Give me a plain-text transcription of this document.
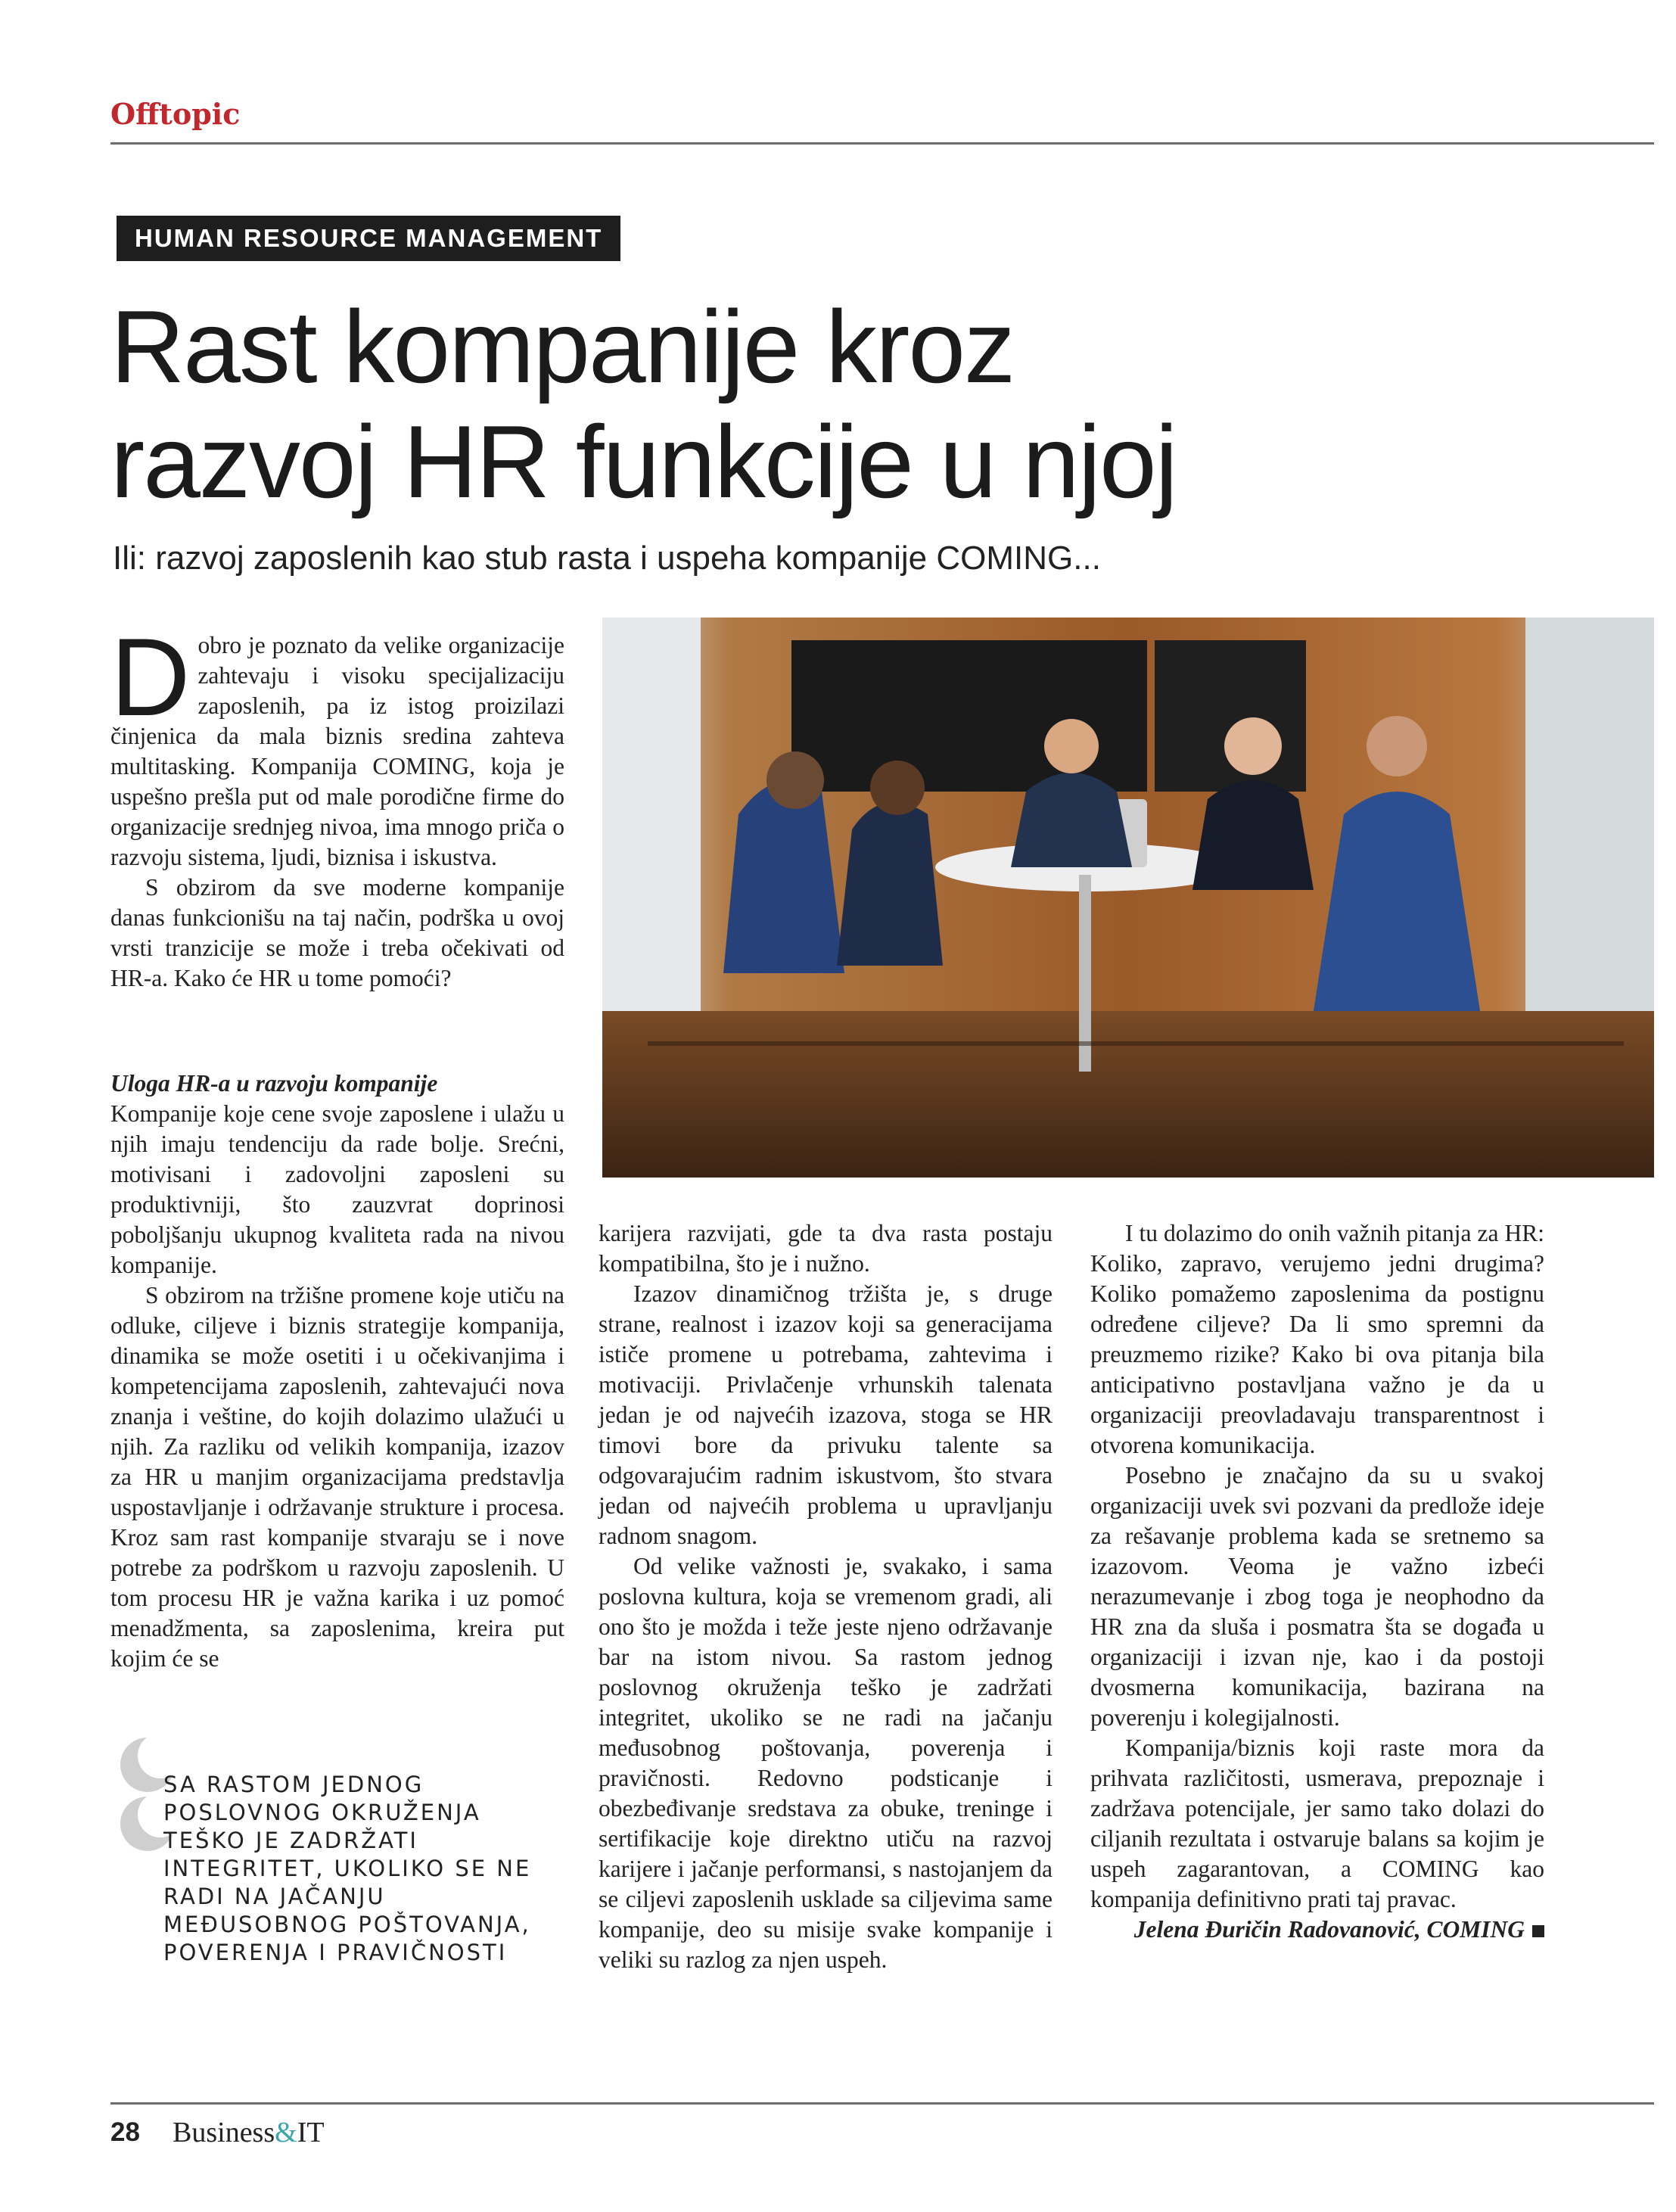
Offtopic
HUMAN RESOURCE MANAGEMENT
Rast kompanije kroz
razvoj HR funkcije u njoj
Ili: razvoj zaposlenih kao stub rasta i uspeha kompanije COMING...

Dobro je poznato da velike organizacije zahtevaju i visoku specijalizaciju zaposlenih, pa iz istog proizilazi činjenica da mala biznis sredina zahteva multitasking. Kompanija COMING, koja je uspešno prešla put od male porodične firme do organizacije srednjeg nivoa, ima mnogo priča o razvoju sistema, ljudi, biznisa i iskustva.

S obzirom da sve moderne kompanije danas funkcionišu na taj način, podrška u ovoj vrsti tranzicije se može i treba očekivati od HR-a. Kako će HR u tome pomoći?

Uloga HR-a u razvoju kompanije

Kompanije koje cene svoje zaposlene i ulažu u njih imaju tendenciju da rade bolje. Srećni, motivisani i zadovoljni zaposleni su produktivniji, što zauzvrat doprinosi poboljšanju ukupnog kvaliteta rada na nivou kompanije.

S obzirom na tržišne promene koje utiču na odluke, ciljeve i biznis strategije kompanija, dinamika se može osetiti i u očekivanjima i kompetencijama zaposlenih, zahtevajući nova znanja i veštine, do kojih dolazimo ulažući u njih. Za razliku od velikih kompanija, izazov za HR u manjim organizacijama predstavlja uspostavljanje i održavanje strukture i procesa. Kroz sam rast kompanije stvaraju se i nove potrebe za podrškom u razvoju zaposlenih. U tom procesu HR je važna karika i uz pomoć menadžmenta, sa zaposlenima, kreira put kojim će se

karijera razvijati, gde ta dva rasta postaju kompatibilna, što je i nužno.

Izazov dinamičnog tržišta je, s druge strane, realnost i izazov koji sa generacijama ističe promene u potrebama, zahtevima i motivaciji. Privlačenje vrhunskih talenata jedan je od najvećih izazova, stoga se HR timovi bore da privuku talente sa odgovarajućim radnim iskustvom, što stvara jedan od najvećih problema u upravljanju radnom snagom.

Od velike važnosti je, svakako, i sama poslovna kultura, koja se vremenom gradi, ali ono što je možda i teže jeste njeno održavanje bar na istom nivou. Sa rastom jednog poslovnog okruženja teško je zadržati integritet, ukoliko se ne radi na jačanju međusobnog poštovanja, poverenja i pravičnosti. Redovno podsticanje i obezbeđivanje sredstava za obuke, treninge i sertifikacije koje direktno utiču na razvoj karijere i jačanje performansi, s nastojanjem da se ciljevi zaposlenih usklade sa ciljevima same kompanije, deo su misije svake kompanije i veliki su razlog za njen uspeh.

I tu dolazimo do onih važnih pitanja za HR: Koliko, zapravo, verujemo jedni drugima? Koliko pomažemo zaposlenima da postignu određene ciljeve? Da li smo spremni da preuzmemo rizike? Kako bi ova pitanja bila anticipativno postavljana važno je da u organizaciji preovladavaju transparentnost i otvorena komunikacija.

Posebno je značajno da su u svakoj organizaciji uvek svi pozvani da predlože ideje za rešavanje problema kada se sretnemo sa izazovom. Veoma je važno izbeći nerazumevanje i zbog toga je neophodno da HR zna da sluša i posmatra šta se događa u organizaciji i izvan nje, kao i da postoji dvosmerna komunikacija, bazirana na poverenju i kolegijalnosti.

Kompanija/biznis koji raste mora da prihvata različitosti, usmerava, prepoznaje i zadržava potencijale, jer samo tako dolazi do ciljanih rezultata i ostvaruje balans sa kojim je uspeh zagarantovan, a COMING kao kompanija definitivno prati taj pravac.

Jelena Đuričin Radovanović, COMING

SA RASTOM JEDNOG POSLOVNOG OKRUŽENJA TEŠKO JE ZADRŽATI INTEGRITET, UKOLIKO SE NE RADI NA JAČANJU MEĐUSOBNOG POŠTOVANJA, POVERENJA I PRAVIČNOSTI
28 Business&IT
